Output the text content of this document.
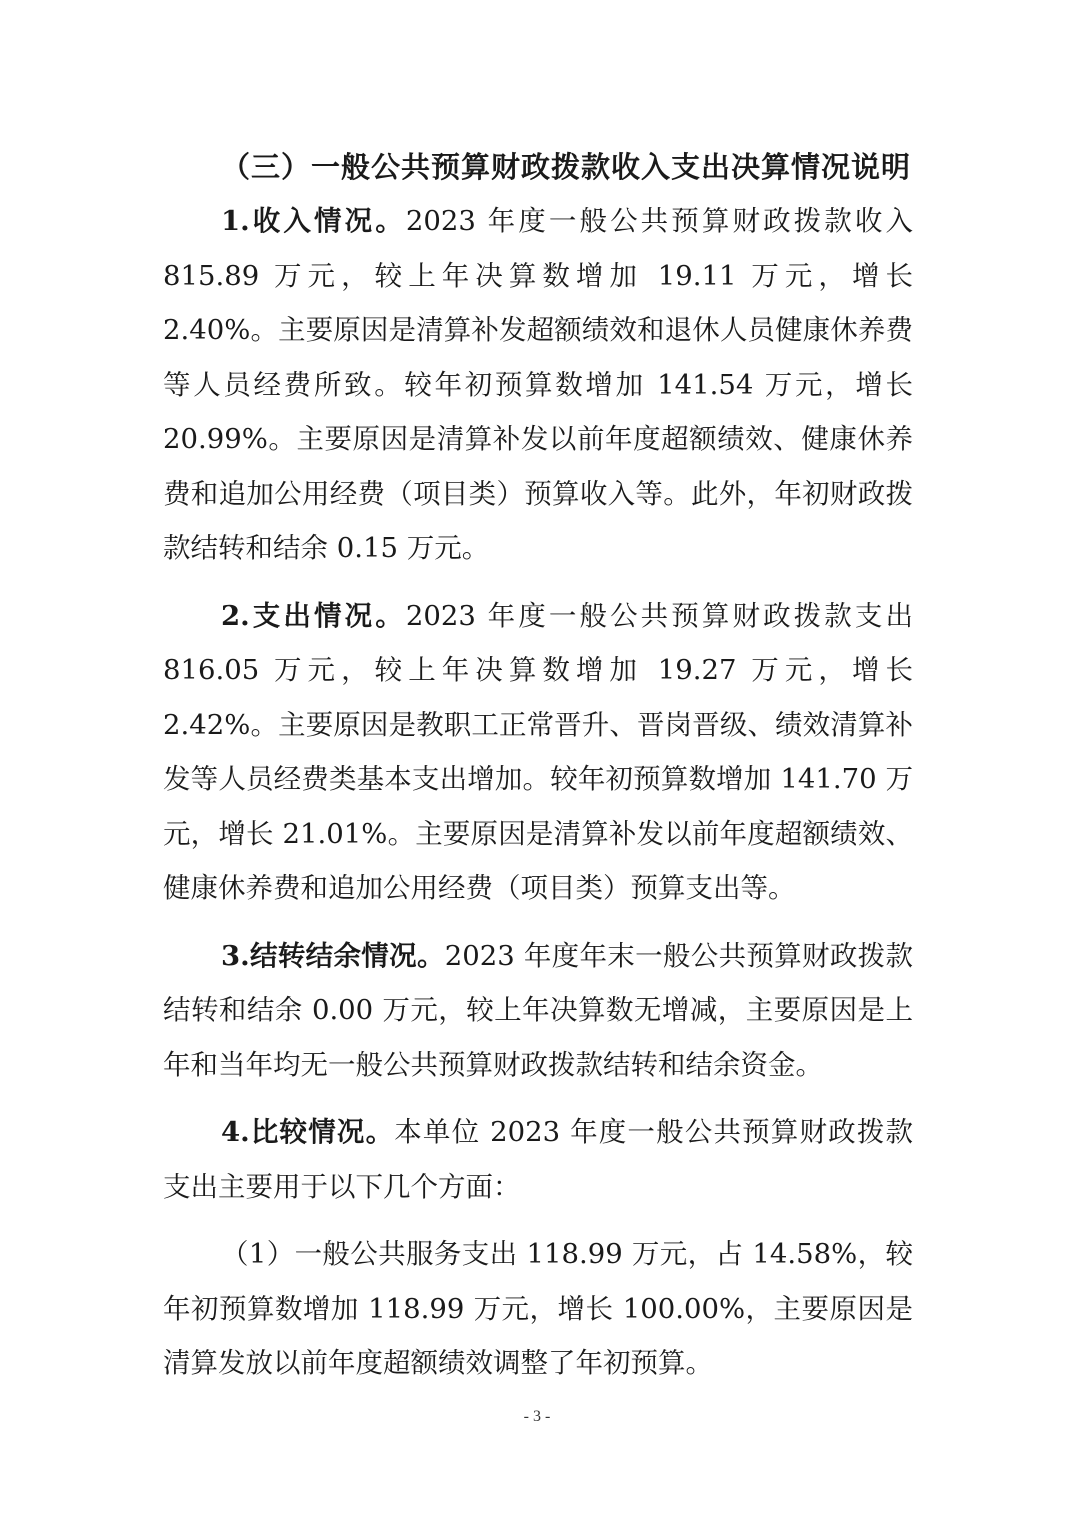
（三）一般公共预算财政拨款收入支出决算情况说明

1.收入情况。2023 年度一般公共预算财政拨款收入 815.89 万元，较上年决算数增加 19.11 万元，增长 2.40%。主要原因是清算补发超额绩效和退休人员健康休养费等人员经费所致。较年初预算数增加 141.54 万元，增长 20.99%。主要原因是清算补发以前年度超额绩效、健康休养费和追加公用经费（项目类）预算收入等。此外，年初财政拨款结转和结余 0.15 万元。

2.支出情况。2023 年度一般公共预算财政拨款支出 816.05 万元，较上年决算数增加 19.27 万元，增长 2.42%。主要原因是教职工正常晋升、晋岗晋级、绩效清算补发等人员经费类基本支出增加。较年初预算数增加 141.70 万元，增长 21.01%。主要原因是清算补发以前年度超额绩效、健康休养费和追加公用经费（项目类）预算支出等。

3.结转结余情况。2023 年度年末一般公共预算财政拨款结转和结余 0.00 万元，较上年决算数无增减，主要原因是上年和当年均无一般公共预算财政拨款结转和结余资金。

4.比较情况。本单位 2023 年度一般公共预算财政拨款支出主要用于以下几个方面：

（1）一般公共服务支出 118.99 万元，占 14.58%，较年初预算数增加 118.99 万元，增长 100.00%，主要原因是清算发放以前年度超额绩效调整了年初预算。

- 3 -
